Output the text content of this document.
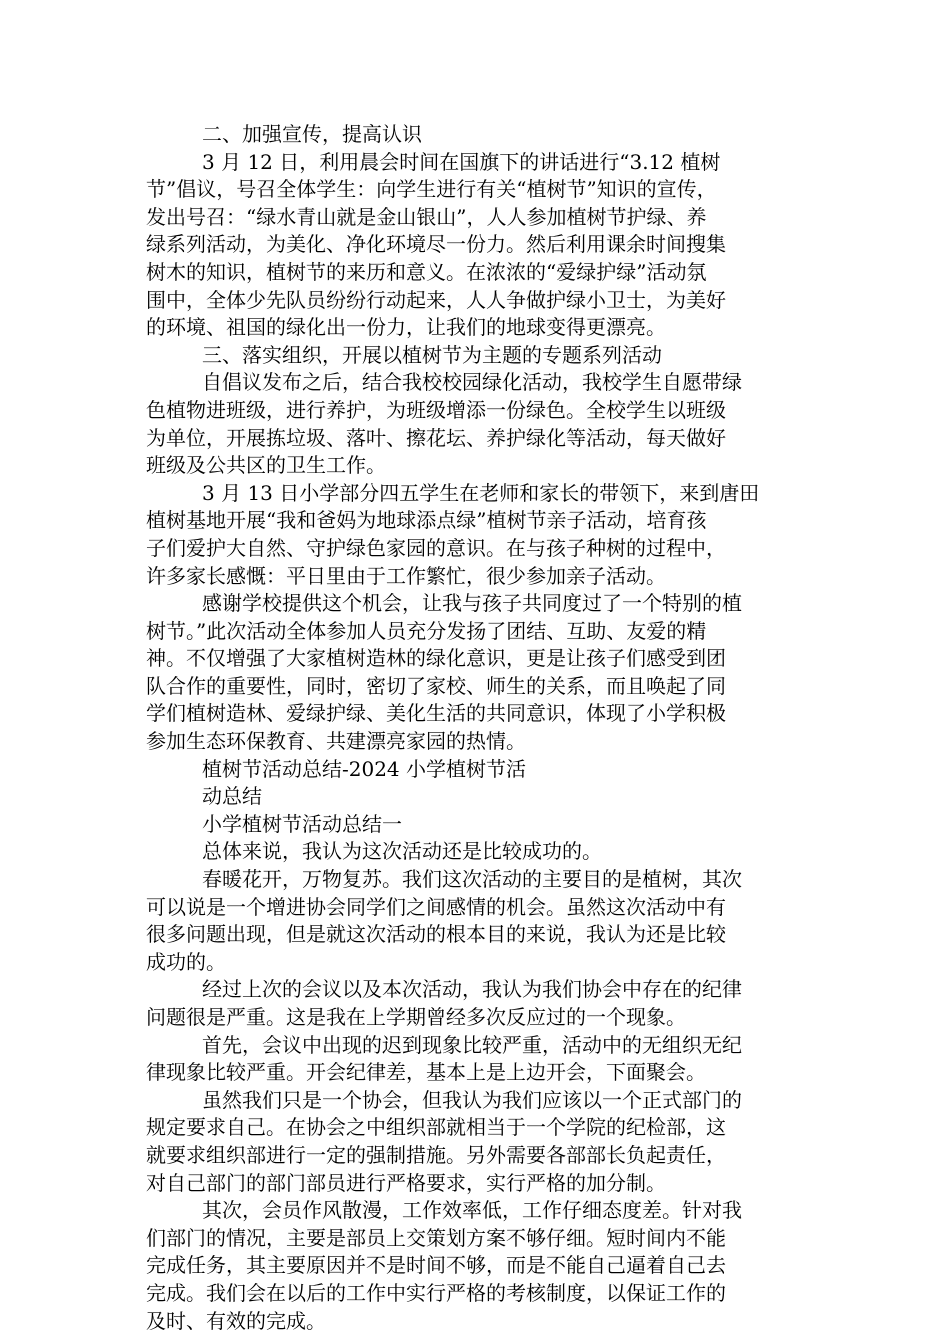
二、加强宣传，提高认识

3 月 12 日，利用晨会时间在国旗下的讲话进行“3.12 植树

节”倡议，号召全体学生：向学生进行有关“植树节”知识的宣传，

发出号召：“绿水青山就是金山银山”，人人参加植树节护绿、养

绿系列活动，为美化、净化环境尽一份力。然后利用课余时间搜集

树木的知识，植树节的来历和意义。在浓浓的“爱绿护绿”活动氛

围中，全体少先队员纷纷行动起来，人人争做护绿小卫士，为美好

的环境、祖国的绿化出一份力，让我们的地球变得更漂亮。

三、落实组织，开展以植树节为主题的专题系列活动

自倡议发布之后，结合我校校园绿化活动，我校学生自愿带绿

色植物进班级，进行养护，为班级增添一份绿色。全校学生以班级

为单位，开展拣垃圾、落叶、擦花坛、养护绿化等活动，每天做好

班级及公共区的卫生工作。

3 月 13 日小学部分四五学生在老师和家长的带领下，来到唐田

植树基地开展“我和爸妈为地球添点绿”植树节亲子活动，培育孩

子们爱护大自然、守护绿色家园的意识。在与孩子种树的过程中，

许多家长感慨：平日里由于工作繁忙，很少参加亲子活动。

感谢学校提供这个机会，让我与孩子共同度过了一个特别的植

树节。”此次活动全体参加人员充分发扬了团结、互助、友爱的精

神。不仅增强了大家植树造林的绿化意识，更是让孩子们感受到团

队合作的重要性，同时，密切了家校、师生的关系，而且唤起了同

学们植树造林、爱绿护绿、美化生活的共同意识，体现了小学积极

参加生态环保教育、共建漂亮家园的热情。

植树节活动总结-2024 小学植树节活

动总结

小学植树节活动总结一

总体来说，我认为这次活动还是比较成功的。

春暖花开，万物复苏。我们这次活动的主要目的是植树，其次

可以说是一个增进协会同学们之间感情的机会。虽然这次活动中有

很多问题出现，但是就这次活动的根本目的来说，我认为还是比较

成功的。

经过上次的会议以及本次活动，我认为我们协会中存在的纪律

问题很是严重。这是我在上学期曾经多次反应过的一个现象。

首先，会议中出现的迟到现象比较严重，活动中的无组织无纪

律现象比较严重。开会纪律差，基本上是上边开会，下面聚会。

虽然我们只是一个协会，但我认为我们应该以一个正式部门的

规定要求自己。在协会之中组织部就相当于一个学院的纪检部，这

就要求组织部进行一定的强制措施。另外需要各部部长负起责任，

对自己部门的部门部员进行严格要求，实行严格的加分制。

其次，会员作风散漫，工作效率低，工作仔细态度差。针对我

们部门的情况，主要是部员上交策划方案不够仔细。短时间内不能

完成任务，其主要原因并不是时间不够，而是不能自己逼着自己去

完成。我们会在以后的工作中实行严格的考核制度，以保证工作的

及时、有效的完成。
